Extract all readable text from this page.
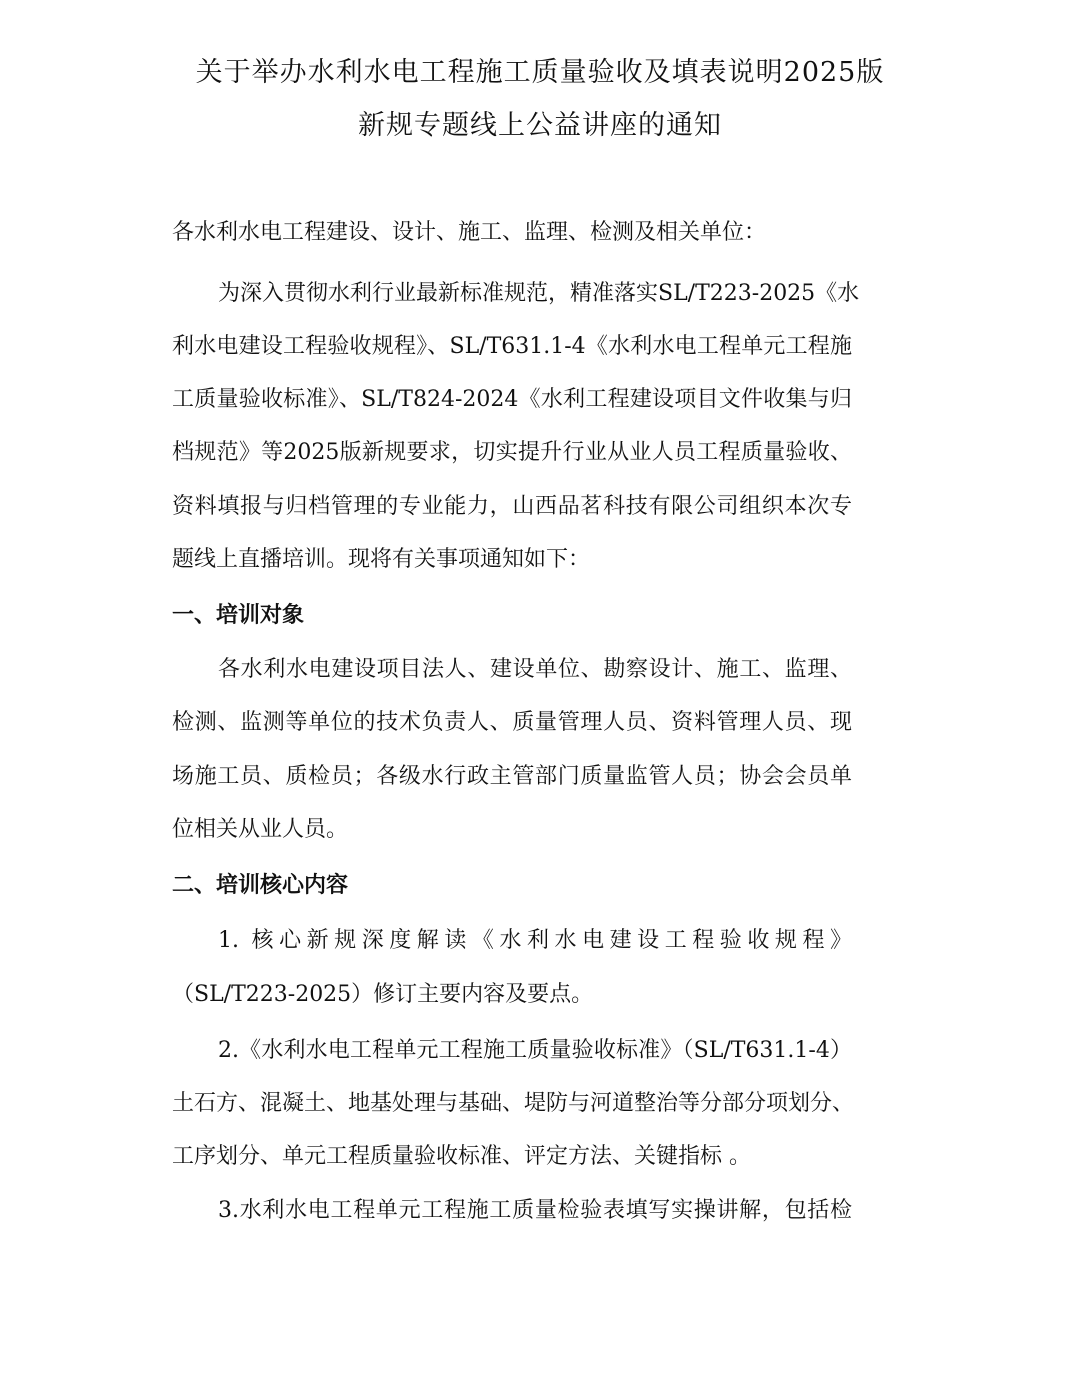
关于举办水利水电工程施工质量验收及填表说明2025版
新规专题线上公益讲座的通知
各水利水电工程建设、设计、施工、监理、检测及相关单位：
为深入贯彻水利行业最新标准规范，精准落实SL/T223-2025《水
利水电建设工程验收规程》、SL/T631.1-4《水利水电工程单元工程施
工质量验收标准》、SL/T824-2024《水利工程建设项目文件收集与归
档规范》等2025版新规要求，切实提升行业从业人员工程质量验收、
资料填报与归档管理的专业能力，山西品茗科技有限公司组织本次专
题线上直播培训。现将有关事项通知如下：
一、培训对象
各水利水电建设项目法人、建设单位、勘察设计、施工、监理、
检测、监测等单位的技术负责人、质量管理人员、资料管理人员、现
场施工员、质检员；各级水行政主管部门质量监管人员；协会会员单
位相关从业人员。
二、培训核心内容
1. 核心新规深度解读《水利水电建设工程验收规程》
（SL/T223-2025）修订主要内容及要点。
2.《水利水电工程单元工程施工质量验收标准》（SL/T631.1-4）
土石方、混凝土、地基处理与基础、堤防与河道整治等分部分项划分、
工序划分、单元工程质量验收标准、评定方法、关键指标 。
3.水利水电工程单元工程施工质量检验表填写实操讲解，包括检
